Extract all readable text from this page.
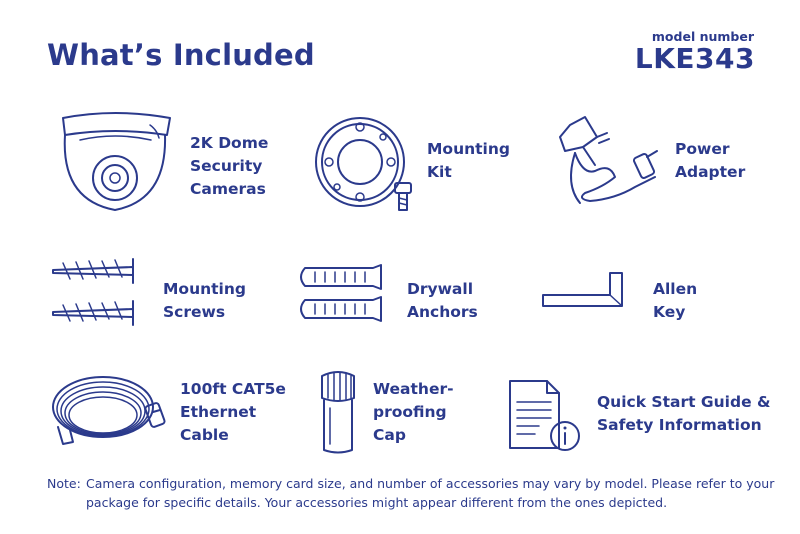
What’s Included
model number
LKE343
2K Dome
Security
Cameras
Mounting
Kit
Power
Adapter
Mounting
Screws
Drywall
Anchors
Allen
Key
100ft CAT5e
Ethernet
Cable
Weather-
proofing
Cap
Quick Start Guide &
Safety Information
Note: Camera configuration, memory card size, and number of accessories may vary by model. Please refer to your package for specific details. Your accessories might appear different from the ones depicted.
